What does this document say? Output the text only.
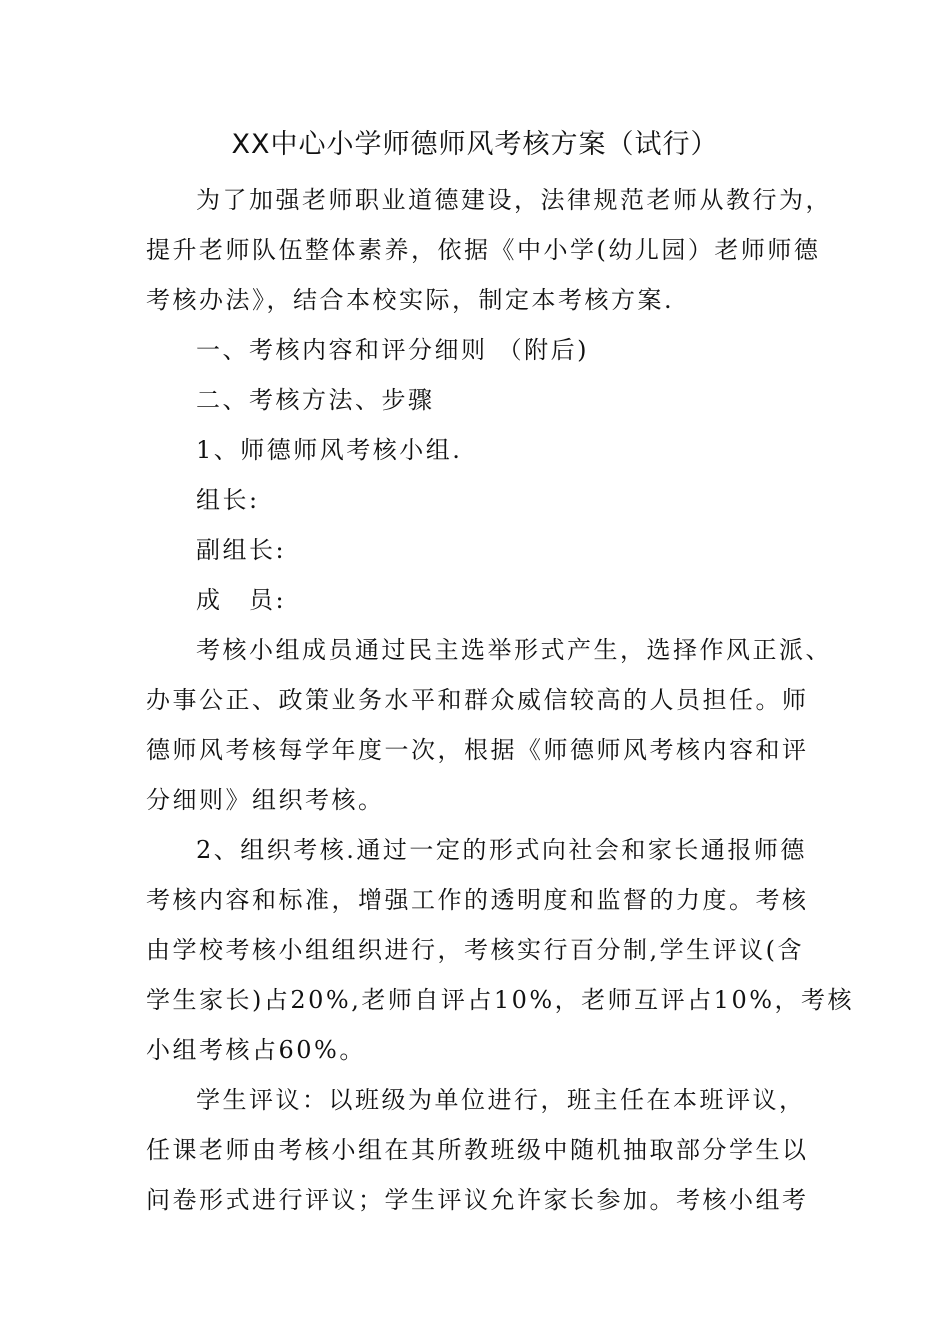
XX中心小学师德师风考核方案（试行）
为了加强老师职业道德建设，法律规范老师从教行为，
提升老师队伍整体素养，依据《中小学(幼儿园）老师师德
考核办法》，结合本校实际，制定本考核方案.
一、考核内容和评分细则 （附后)
二、考核方法、步骤
1、师德师风考核小组.
组长:
副组长:
成　员:
考核小组成员通过民主选举形式产生，选择作风正派、
办事公正、政策业务水平和群众威信较高的人员担任。师
德师风考核每学年度一次，根据《师德师风考核内容和评
分细则》组织考核。
2、组织考核.通过一定的形式向社会和家长通报师德
考核内容和标准，增强工作的透明度和监督的力度。考核
由学校考核小组组织进行，考核实行百分制,学生评议(含
学生家长)占20%,老师自评占10%，老师互评占10%，考核
小组考核占60%。
学生评议：以班级为单位进行，班主任在本班评议，
任课老师由考核小组在其所教班级中随机抽取部分学生以
问卷形式进行评议；学生评议允许家长参加。考核小组考
